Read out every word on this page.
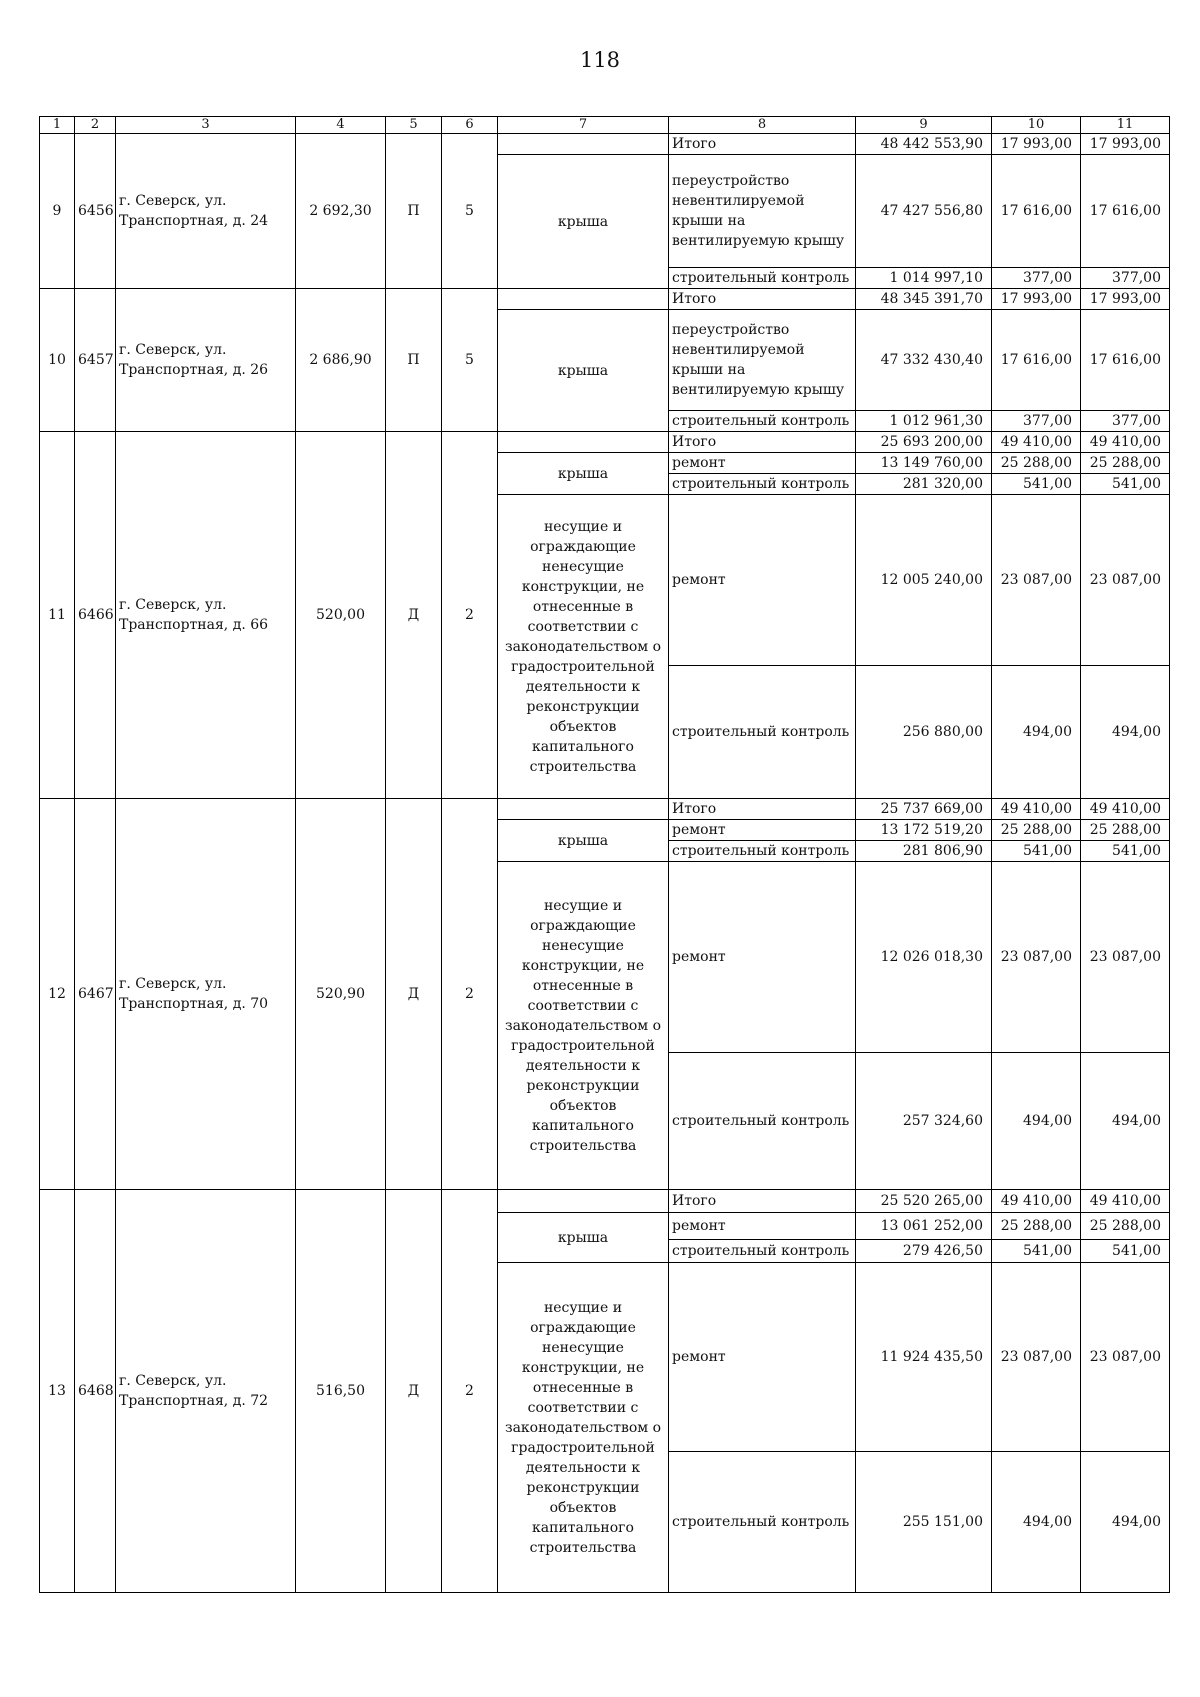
118
1	2	3	4	5	6	7	8	9	10	11
9	6456	г. Северск, ул. Транспортная, д. 24	2 692,30	П	5		Итого	48 442 553,90	17 993,00	17 993,00
						крыша	переустройство невентилируемой крыши на вентилируемую крышу	47 427 556,80	17 616,00	17 616,00
							строительный контроль	1 014 997,10	377,00	377,00
10	6457	г. Северск, ул. Транспортная, д. 26	2 686,90	П	5		Итого	48 345 391,70	17 993,00	17 993,00
						крыша	переустройство невентилируемой крыши на вентилируемую крышу	47 332 430,40	17 616,00	17 616,00
							строительный контроль	1 012 961,30	377,00	377,00
11	6466	г. Северск, ул. Транспортная, д. 66	520,00	Д	2		Итого	25 693 200,00	49 410,00	49 410,00
						крыша	ремонт	13 149 760,00	25 288,00	25 288,00
							строительный контроль	281 320,00	541,00	541,00
						несущие и ограждающие ненесущие конструкции, не отнесенные в соответствии с законодательством о градостроительной деятельности к реконструкции объектов капитального строительства	ремонт	12 005 240,00	23 087,00	23 087,00
							строительный контроль	256 880,00	494,00	494,00
12	6467	г. Северск, ул. Транспортная, д. 70	520,90	Д	2		Итого	25 737 669,00	49 410,00	49 410,00
						крыша	ремонт	13 172 519,20	25 288,00	25 288,00
							строительный контроль	281 806,90	541,00	541,00
						несущие и ограждающие ненесущие конструкции, не отнесенные в соответствии с законодательством о градостроительной деятельности к реконструкции объектов капитального строительства	ремонт	12 026 018,30	23 087,00	23 087,00
							строительный контроль	257 324,60	494,00	494,00
13	6468	г. Северск, ул. Транспортная, д. 72	516,50	Д	2		Итого	25 520 265,00	49 410,00	49 410,00
						крыша	ремонт	13 061 252,00	25 288,00	25 288,00
							строительный контроль	279 426,50	541,00	541,00
						несущие и ограждающие ненесущие конструкции, не отнесенные в соответствии с законодательством о градостроительной деятельности к реконструкции объектов капитального строительства	ремонт	11 924 435,50	23 087,00	23 087,00
							строительный контроль	255 151,00	494,00	494,00
